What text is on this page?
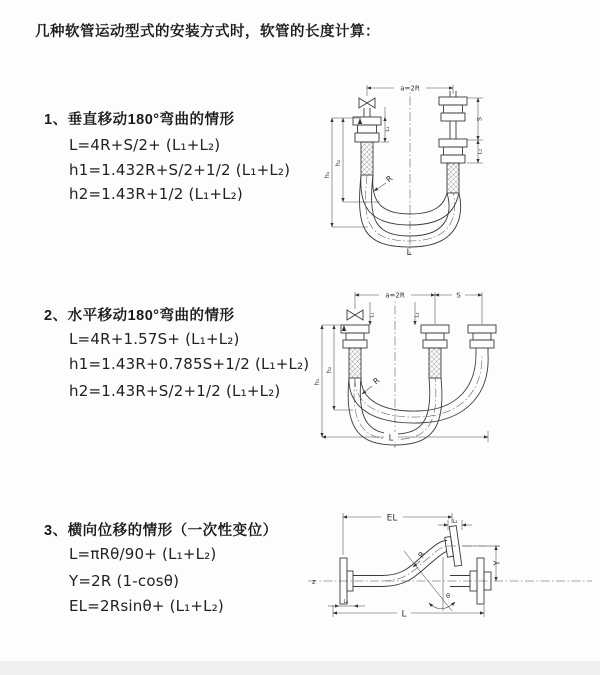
几种软管运动型式的安装方式时，软管的长度计算：
1、垂直移动180°弯曲的情形

L=4R+S/2+ (L₁+L₂)

h1=1.432R+S/2+1/2 (L₁+L₂)

h2=1.43R+1/2 (L₁+L₂)

2、水平移动180°弯曲的情形

L=4R+1.57S+ (L₁+L₂)

h1=1.43R+0.785S+1/2 (L₁+L₂)

h2=1.43R+S/2+1/2 (L₁+L₂)

3、横向位移的情形（一次性变位）

L=πRθ/90+ (L₁+L₂)

Y=2R (1-cosθ)

EL=2Rsinθ+ (L₁+L₂)

a=2R
h₁
h₂
S
L₂
L₁
R
L
a=2R	S
L₁	L₂
h₁
h₂
L
R
z
EL	L₂
Y
L
L₁
R
θ
